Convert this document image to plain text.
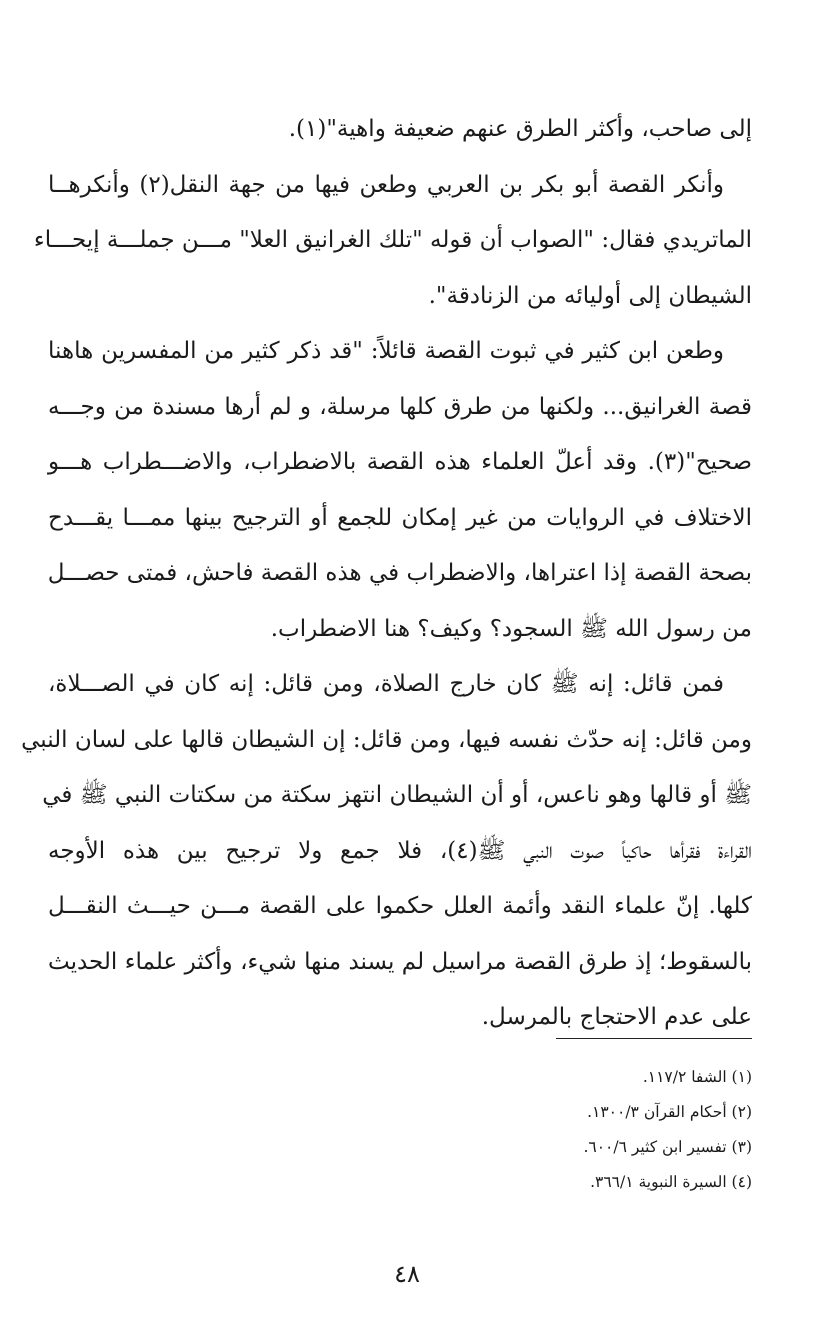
إلى صاحب، وأكثر الطرق عنهم ضعيفة واهية"(١).
وأنكر القصة أبو بكر بن العربي وطعن فيها من جهة النقل(٢) وأنكرهــا
الماتريدي فقال: "الصواب أن قوله "تلك الغرانيق العلا" مـــن جملـــة إيحـــاء
الشيطان إلى أوليائه من الزنادقة".
وطعن ابن كثير في ثبوت القصة قائلاً: "قد ذكر كثير من المفسرين هاهنا
قصة الغرانيق... ولكنها من طرق كلها مرسلة، و لم أرها مسندة من وجـــه
صحيح"(٣). وقد أعلّ العلماء هذه القصة بالاضطراب، والاضـــطراب هـــو
الاختلاف في الروايات من غير إمكان للجمع أو الترجيح بينها ممـــا يقـــدح
بصحة القصة إذا اعتراها، والاضطراب في هذه القصة فاحش، فمتى حصـــل
من رسول الله ﷺ السجود؟ وكيف؟ هنا الاضطراب.
فمن قائل: إنه ﷺ كان خارج الصلاة، ومن قائل: إنه كان في الصـــلاة،
ومن قائل: إنه حدّث نفسه فيها، ومن قائل: إن الشيطان قالها على لسان النبي
ﷺ أو قالها وهو ناعس، أو أن الشيطان انتهز سكتة من سكتات النبي ﷺ في
القراءة فقرأها حاكياً صوت النبي ﷺ(٤)، فلا جمع ولا ترجيح بين هذه الأوجه
كلها. إنّ علماء النقد وأئمة العلل حكموا على القصة مـــن حيـــث النقـــل
بالسقوط؛ إذ طرق القصة مراسيل لم يسند منها شيء، وأكثر علماء الحديث
على عدم الاحتجاج بالمرسل.
(١) الشفا ١١٧/٢.
(٢) أحكام القرآن ١٣٠٠/٣.
(٣) تفسير ابن كثير ٦٠٠/٦.
(٤) السيرة النبوية ٣٦٦/١.
٤٨
